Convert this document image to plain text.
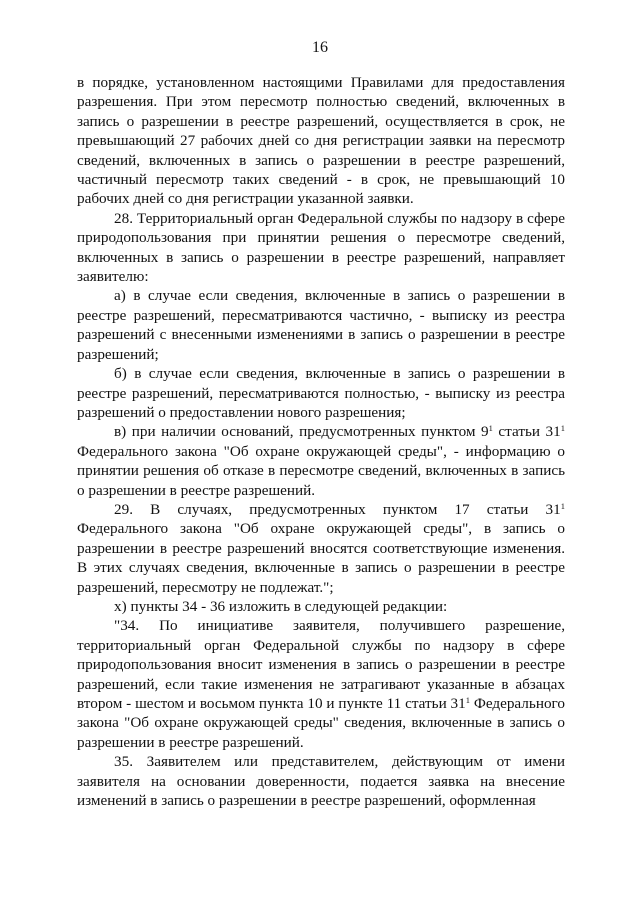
16

в порядке, установленном настоящими Правилами для предоставления разрешения. При этом пересмотр полностью сведений, включенных в запись о разрешении в реестре разрешений, осуществляется в срок, не превышающий 27 рабочих дней со дня регистрации заявки на пересмотр сведений, включенных в запись о разрешении в реестре разрешений, частичный пересмотр таких сведений - в срок, не превышающий 10 рабочих дней со дня регистрации указанной заявки.

28. Территориальный орган Федеральной службы по надзору в сфере природопользования при принятии решения о пересмотре сведений, включенных в запись о разрешении в реестре разрешений, направляет заявителю:

а) в случае если сведения, включенные в запись о разрешении в реестре разрешений, пересматриваются частично, - выписку из реестра разрешений с внесенными изменениями в запись о разрешении в реестре разрешений;

б) в случае если сведения, включенные в запись о разрешении в реестре разрешений, пересматриваются полностью, - выписку из реестра разрешений о предоставлении нового разрешения;

в) при наличии оснований, предусмотренных пунктом $9^1$ статьи $31^1$ Федерального закона "Об охране окружающей среды", - информацию о принятии решения об отказе в пересмотре сведений, включенных в запись о разрешении в реестре разрешений.

29. В случаях, предусмотренных пунктом 17 статьи $31^1$ Федерального закона "Об охране окружающей среды", в запись о разрешении в реестре разрешений вносятся соответствующие изменения. В этих случаях сведения, включенные в запись о разрешении в реестре разрешений, пересмотру не подлежат.";

х) пункты 34 - 36 изложить в следующей редакции:

"34. По инициативе заявителя, получившего разрешение, территориальный орган Федеральной службы по надзору в сфере природопользования вносит изменения в запись о разрешении в реестре разрешений, если такие изменения не затрагивают указанные в абзацах втором - шестом и восьмом пункта 10 и пункте 11 статьи $31^1$ Федерального закона "Об охране окружающей среды" сведения, включенные в запись о разрешении в реестре разрешений.

35. Заявителем или представителем, действующим от имени заявителя на основании доверенности, подается заявка на внесение изменений в запись о разрешении в реестре разрешений, оформленная
